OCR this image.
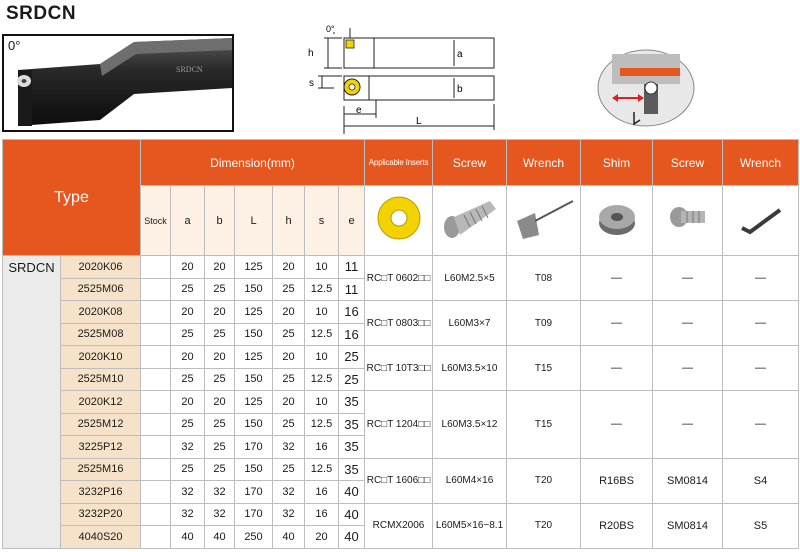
SRDCN
0°
SRDCN
0°
h
s
a
b
e
L
Type		Dimension(mm)							Applicable Inserts	Screw	Wrench	Shim	Screw	Wrench
		Stock	a	b	L	h	s	e						
SRDCN	2020K06		20	20	125	20	10	11	RC□T 0602□□	L60M2.5×5	T08	—	—	—
	2525M06		25	25	150	25	12.5	11						
	2020K08		20	20	125	20	10	16	RC□T 0803□□	L60M3×7	T09	—	—	—
	2525M08		25	25	150	25	12.5	16						
	2020K10		20	20	125	20	10	25	RC□T 10T3□□	L60M3.5×10	T15	—	—	—
	2525M10		25	25	150	25	12.5	25						
	2020K12		20	20	125	20	10	35	RC□T 1204□□	L60M3.5×12	T15	—	—	—
	2525M12		25	25	150	25	12.5	35						
	3225P12		32	25	170	32	16	35						
	2525M16		25	25	150	25	12.5	35	RC□T 1606□□	L60M4×16	T20	R16BS	SM0814	S4
	3232P16		32	32	170	32	16	40						
	3232P20		32	32	170	32	16	40	RCMX2006	L60M5×16−8.1	T20	R20BS	SM0814	S5
	4040S20		40	40	250	40	20	40						
